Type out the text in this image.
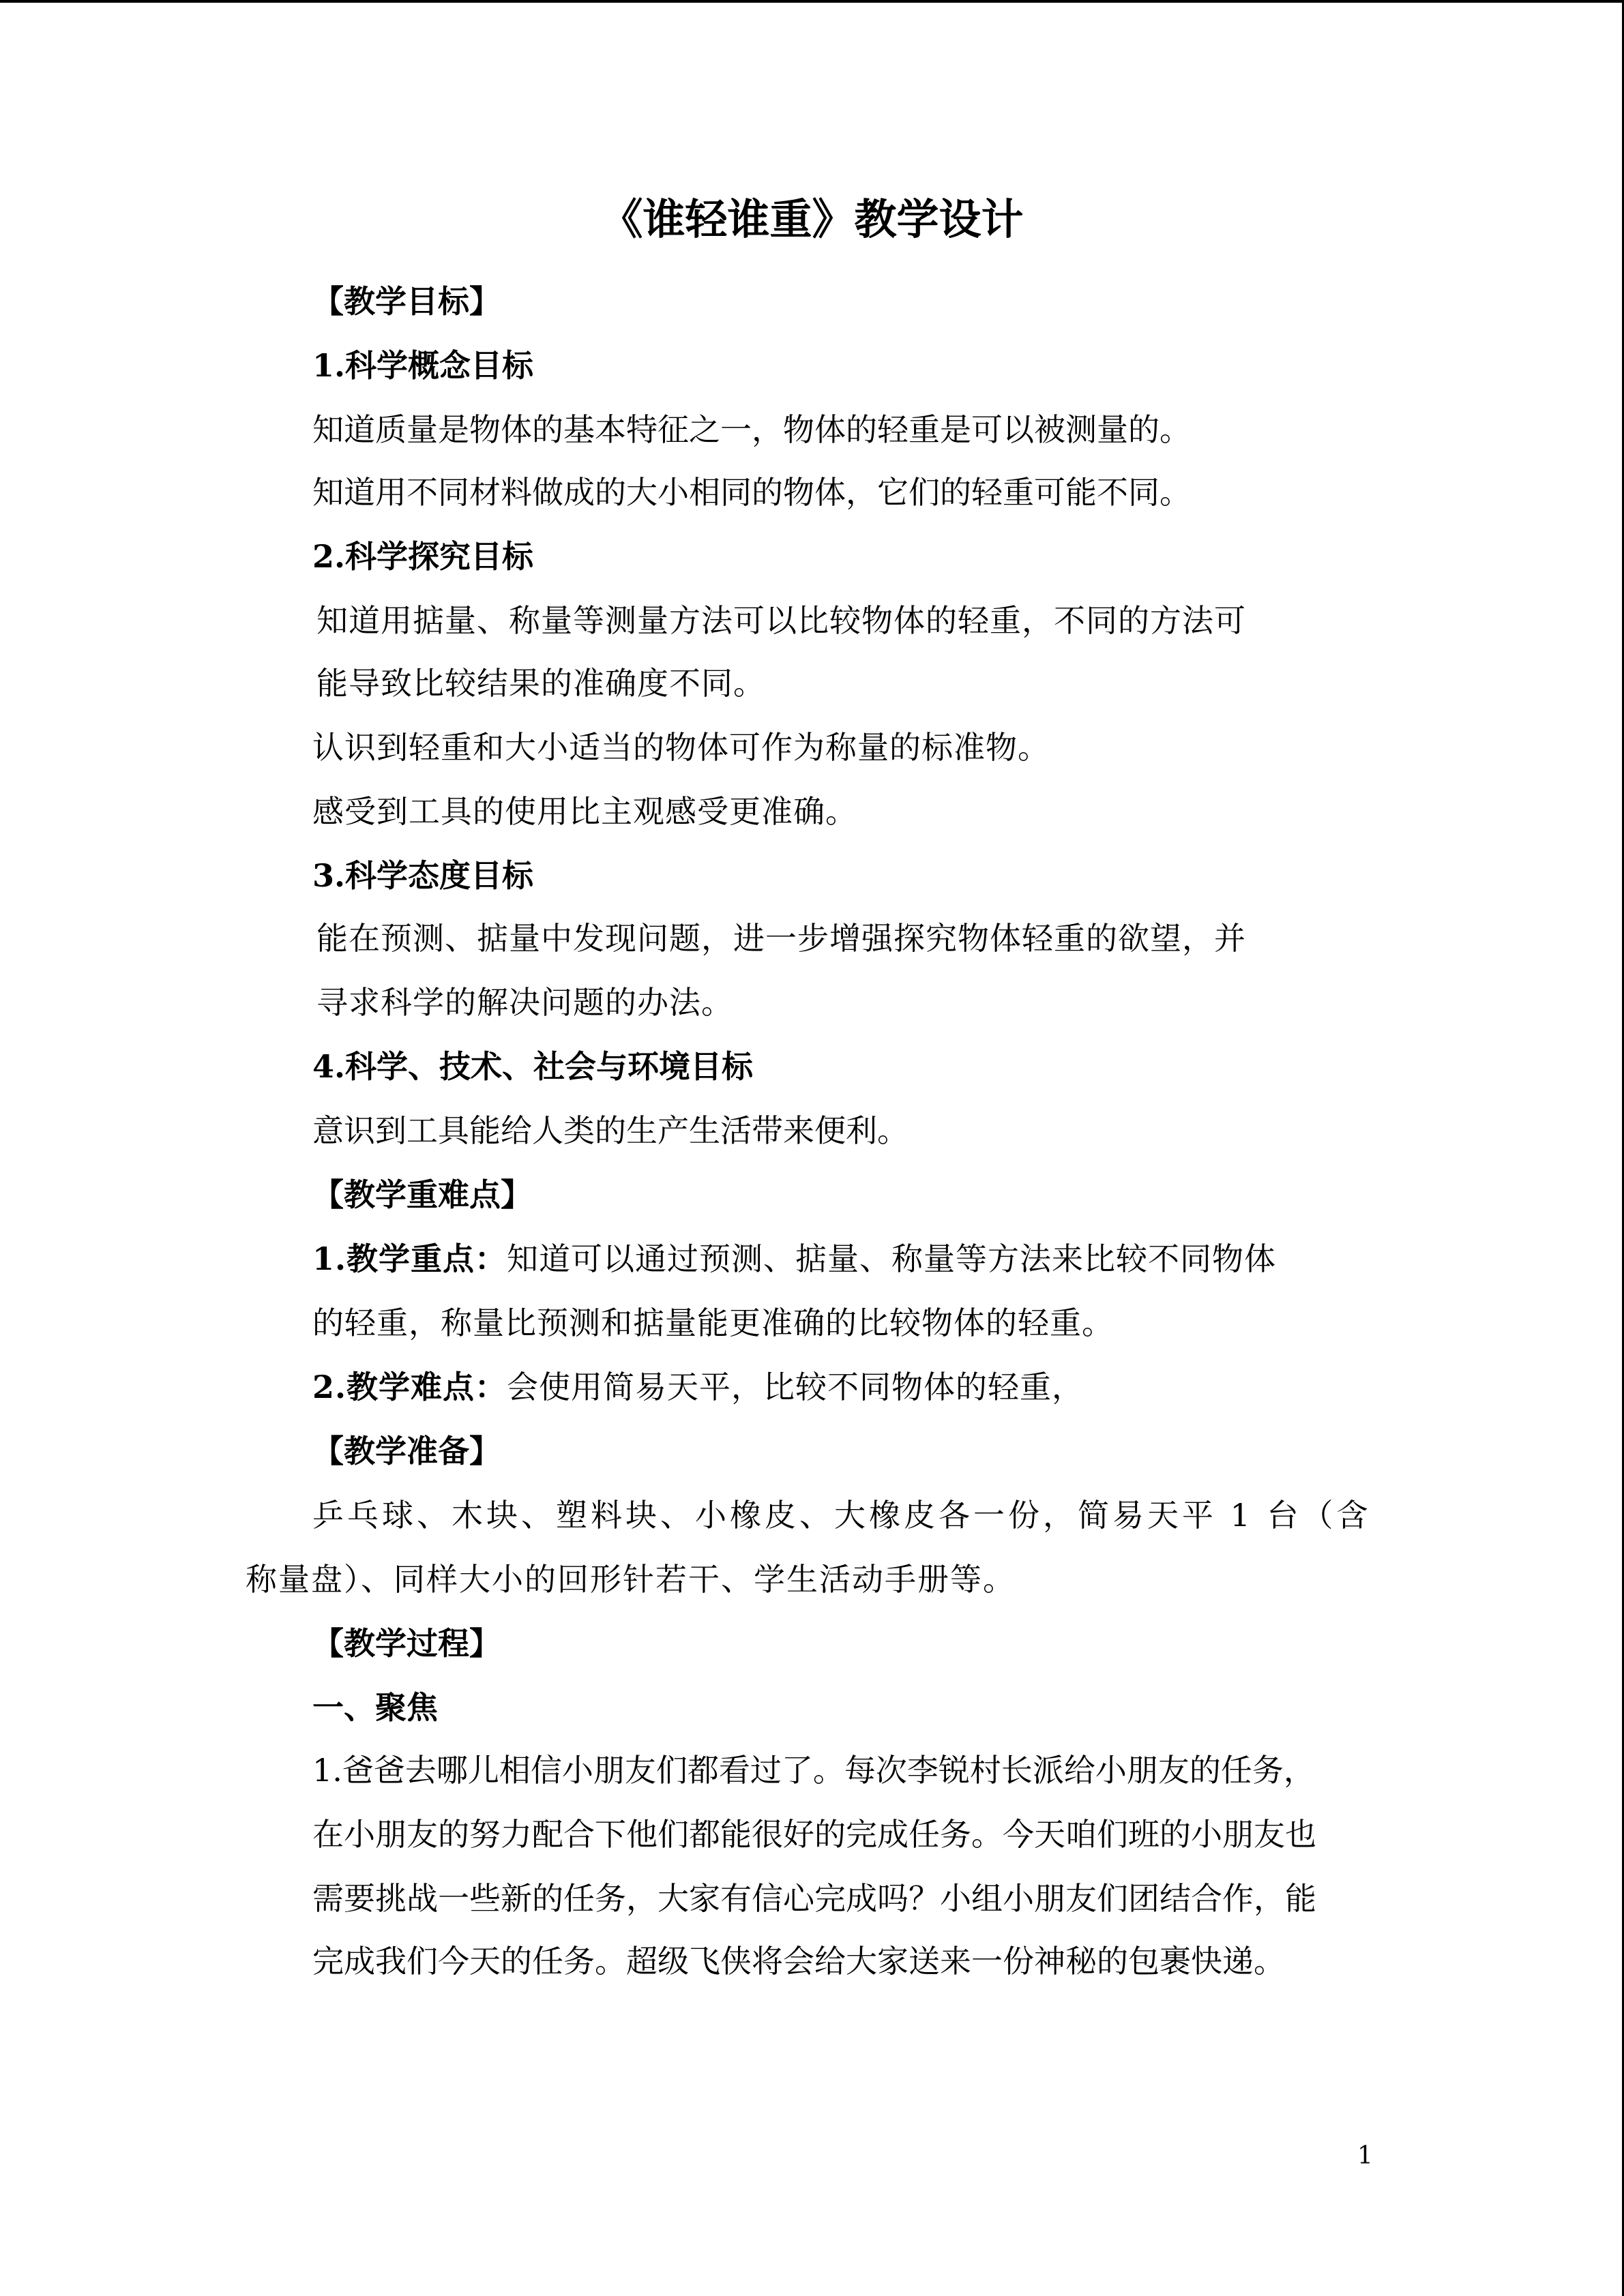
《谁轻谁重》教学设计
【教学目标】
1.科学概念目标
知道质量是物体的基本特征之一，物体的轻重是可以被测量的。
知道用不同材料做成的大小相同的物体，它们的轻重可能不同。
2.科学探究目标
知道用掂量、称量等测量方法可以比较物体的轻重，不同的方法可
能导致比较结果的准确度不同。
认识到轻重和大小适当的物体可作为称量的标准物。
感受到工具的使用比主观感受更准确。
3.科学态度目标
能在预测、掂量中发现问题，进一步增强探究物体轻重的欲望，并
寻求科学的解决问题的办法。
4.科学、技术、社会与环境目标
意识到工具能给人类的生产生活带来便利。
【教学重难点】
1.教学重点：知道可以通过预测、掂量、称量等方法来比较不同物体
的轻重，称量比预测和掂量能更准确的比较物体的轻重。
2.教学难点：会使用简易天平，比较不同物体的轻重，
【教学准备】
乒乓球、木块、塑料块、小橡皮、大橡皮各一份，简易天平 1 台（含
称量盘）、同样大小的回形针若干、学生活动手册等。
【教学过程】
一、聚焦
1.爸爸去哪儿相信小朋友们都看过了。每次李锐村长派给小朋友的任务，
在小朋友的努力配合下他们都能很好的完成任务。今天咱们班的小朋友也
需要挑战一些新的任务，大家有信心完成吗？小组小朋友们团结合作，能
完成我们今天的任务。超级飞侠将会给大家送来一份神秘的包裹快递。
1
